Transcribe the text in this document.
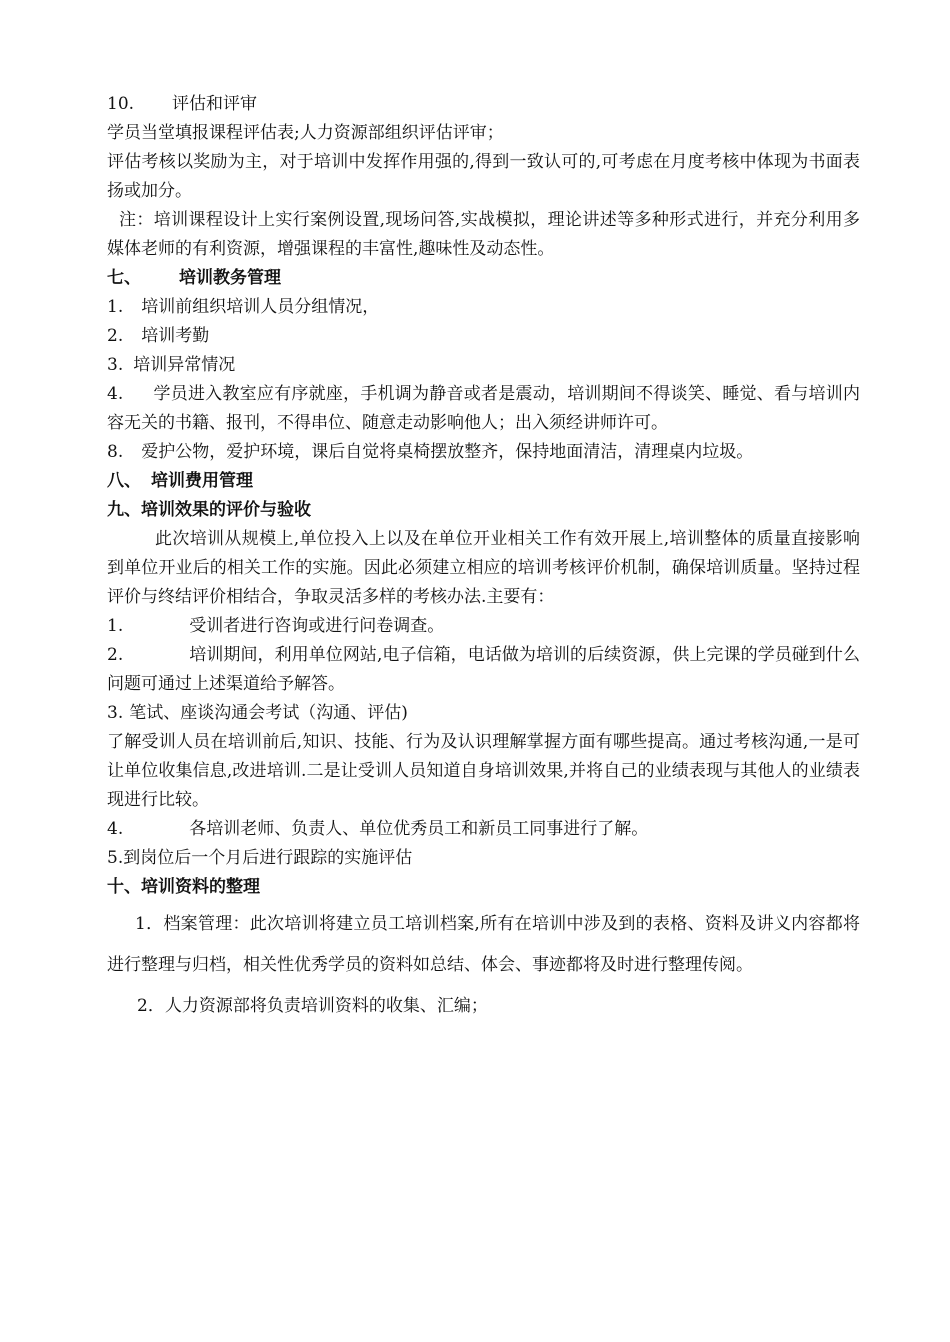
10. 评估和评审

学员当堂填报课程评估表;人力资源部组织评估评审；

评估考核以奖励为主，对于培训中发挥作用强的,得到一致认可的,可考虑在月度考核中体现为书面表扬或加分。

注：培训课程设计上实行案例设置,现场问答,实战模拟，理论讲述等多种形式进行，并充分利用多媒体老师的有利资源，增强课程的丰富性,趣味性及动态性。

七、 培训教务管理

1. 培训前组织培训人员分组情况，

2. 培训考勤

3. 培训异常情况

4. 学员进入教室应有序就座，手机调为静音或者是震动，培训期间不得谈笑、睡觉、看与培训内容无关的书籍、报刊，不得串位、随意走动影响他人；出入须经讲师许可。

8. 爱护公物，爱护环境，课后自觉将桌椅摆放整齐，保持地面清洁，清理桌内垃圾。

八、 培训费用管理

九、培训效果的评价与验收

此次培训从规模上,单位投入上以及在单位开业相关工作有效开展上,培训整体的质量直接影响到单位开业后的相关工作的实施。因此必须建立相应的培训考核评价机制，确保培训质量。坚持过程评价与终结评价相结合，争取灵活多样的考核办法.主要有：

1.	受训者进行咨询或进行问卷调查。

2.	培训期间，利用单位网站,电子信箱，电话做为培训的后续资源，供上完课的学员碰到什么问题可通过上述渠道给予解答。

3. 笔试、座谈沟通会考试（沟通、评估)

了解受训人员在培训前后,知识、技能、行为及认识理解掌握方面有哪些提高。通过考核沟通,一是可让单位收集信息,改进培训.二是让受训人员知道自身培训效果,并将自己的业绩表现与其他人的业绩表现进行比较。

4.	各培训老师、负责人、单位优秀员工和新员工同事进行了解。

5.到岗位后一个月后进行跟踪的实施评估

十、培训资料的整理

1．档案管理：此次培训将建立员工培训档案,所有在培训中涉及到的表格、资料及讲义内容都将进行整理与归档，相关性优秀学员的资料如总结、体会、事迹都将及时进行整理传阅。

2．人力资源部将负责培训资料的收集、汇编；
